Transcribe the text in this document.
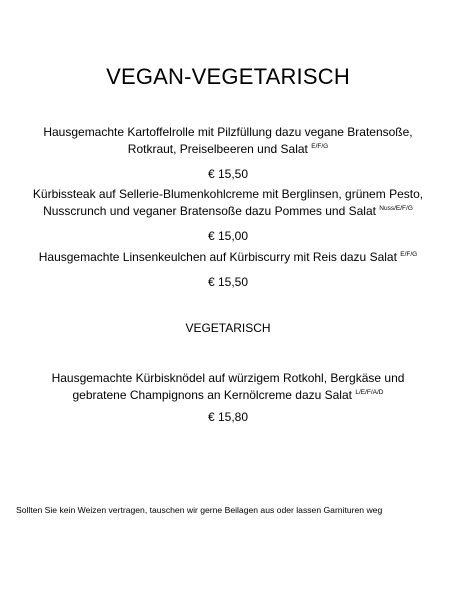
VEGAN-VEGETARISCH
Hausgemachte Kartoffelrolle mit Pilzfüllung dazu vegane Bratensoße,
Rotkraut, Preiselbeeren und Salat $^{E/F/G}$
€ 15,50
Kürbissteak auf Sellerie-Blumenkohlcreme mit Berglinsen, grünem Pesto,
Nusscrunch und veganer Bratensoße dazu Pommes und Salat $^{Nuss/E/F/G}$
€ 15,00
Hausgemachte Linsenkeulchen auf Kürbiscurry mit Reis dazu Salat $^{E/F/G}$
€ 15,50
VEGETARISCH
Hausgemachte Kürbisknödel auf würzigem Rotkohl, Bergkäse und
gebratene Champignons an Kernölcreme dazu Salat $^{L/E/F/A/D}$
€ 15,80
Sollten Sie kein Weizen vertragen, tauschen wir gerne Beilagen aus oder lassen Garnituren weg
